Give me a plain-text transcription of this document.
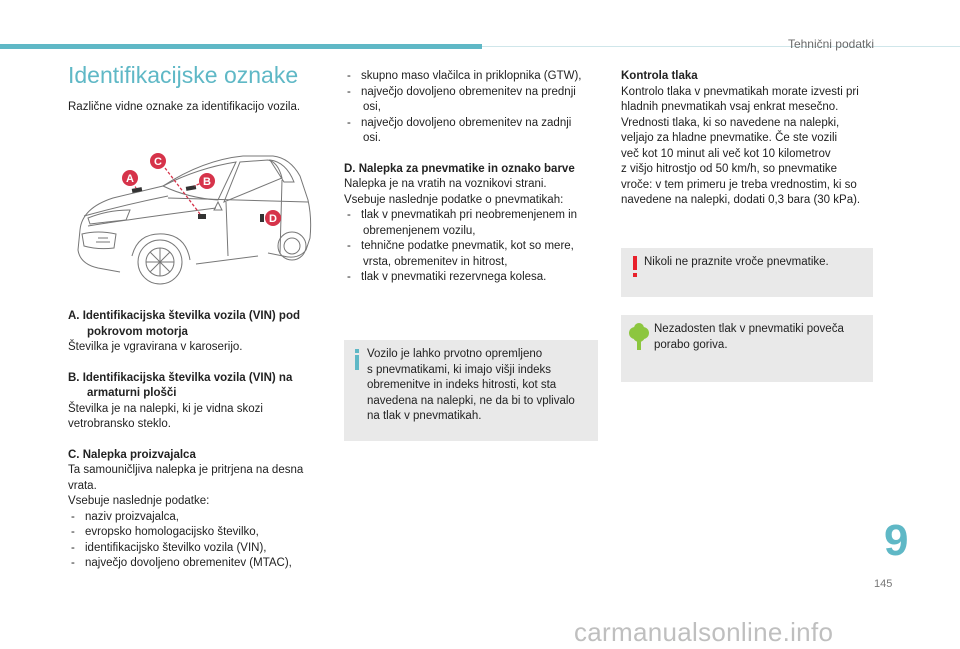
Tehnični podatki
Identifikacijske oznake
Različne vidne oznake za identifikacijo vozila.
A	B
C
D

A. Identifikacijska številka vozila (VIN) pod

pokrovom motorja

Številka je vgravirana v karoserijo.

B. Identifikacijska številka vozila (VIN) na

armaturni plošči

Številka je na nalepki, ki je vidna skozi

vetrobransko steklo.

C. Nalepka proizvajalca

Ta samouničljiva nalepka je pritrjena na desna

vrata.

Vsebuje naslednje podatke:

- naziv proizvajalca,

- evropsko homologacijsko številko,

- identifikacijsko številko vozila (VIN),

- največjo dovoljeno obremenitev (MTAC),

- skupno maso vlačilca in priklopnika (GTW),

- največjo dovoljeno obremenitev na prednji

osi,

- največjo dovoljeno obremenitev na zadnji

osi.

D. Nalepka za pnevmatike in oznako barve

Nalepka je na vratih na voznikovi strani.

Vsebuje naslednje podatke o pnevmatikah:

- tlak v pnevmatikah pri neobremenjenem in

obremenjenem vozilu,

- tehnične podatke pnevmatik, kot so mere,

vrsta, obremenitev in hitrost,

- tlak v pnevmatiki rezervnega kolesa.

Vozilo je lahko prvotno opremljeno

s pnevmatikami, ki imajo višji indeks

obremenitve in indeks hitrosti, kot sta

navedena na nalepki, ne da bi to vplivalo

na tlak v pnevmatikah.

Kontrola tlaka

Kontrolo tlaka v pnevmatikah morate izvesti pri

hladnih pnevmatikah vsaj enkrat mesečno.

Vrednosti tlaka, ki so navedene na nalepki,

veljajo za hladne pnevmatike. Če ste vozili

več kot 10 minut ali več kot 10 kilometrov

z višjo hitrostjo od 50 km/h, so pnevmatike

vroče: v tem primeru je treba vrednostim, ki so

navedene na nalepki, dodati 0,3 bara (30 kPa).

Nikoli ne praznite vroče pnevmatike.

Nezadosten tlak v pnevmatiki poveča

porabo goriva.

9
145
carmanualsonline.info
